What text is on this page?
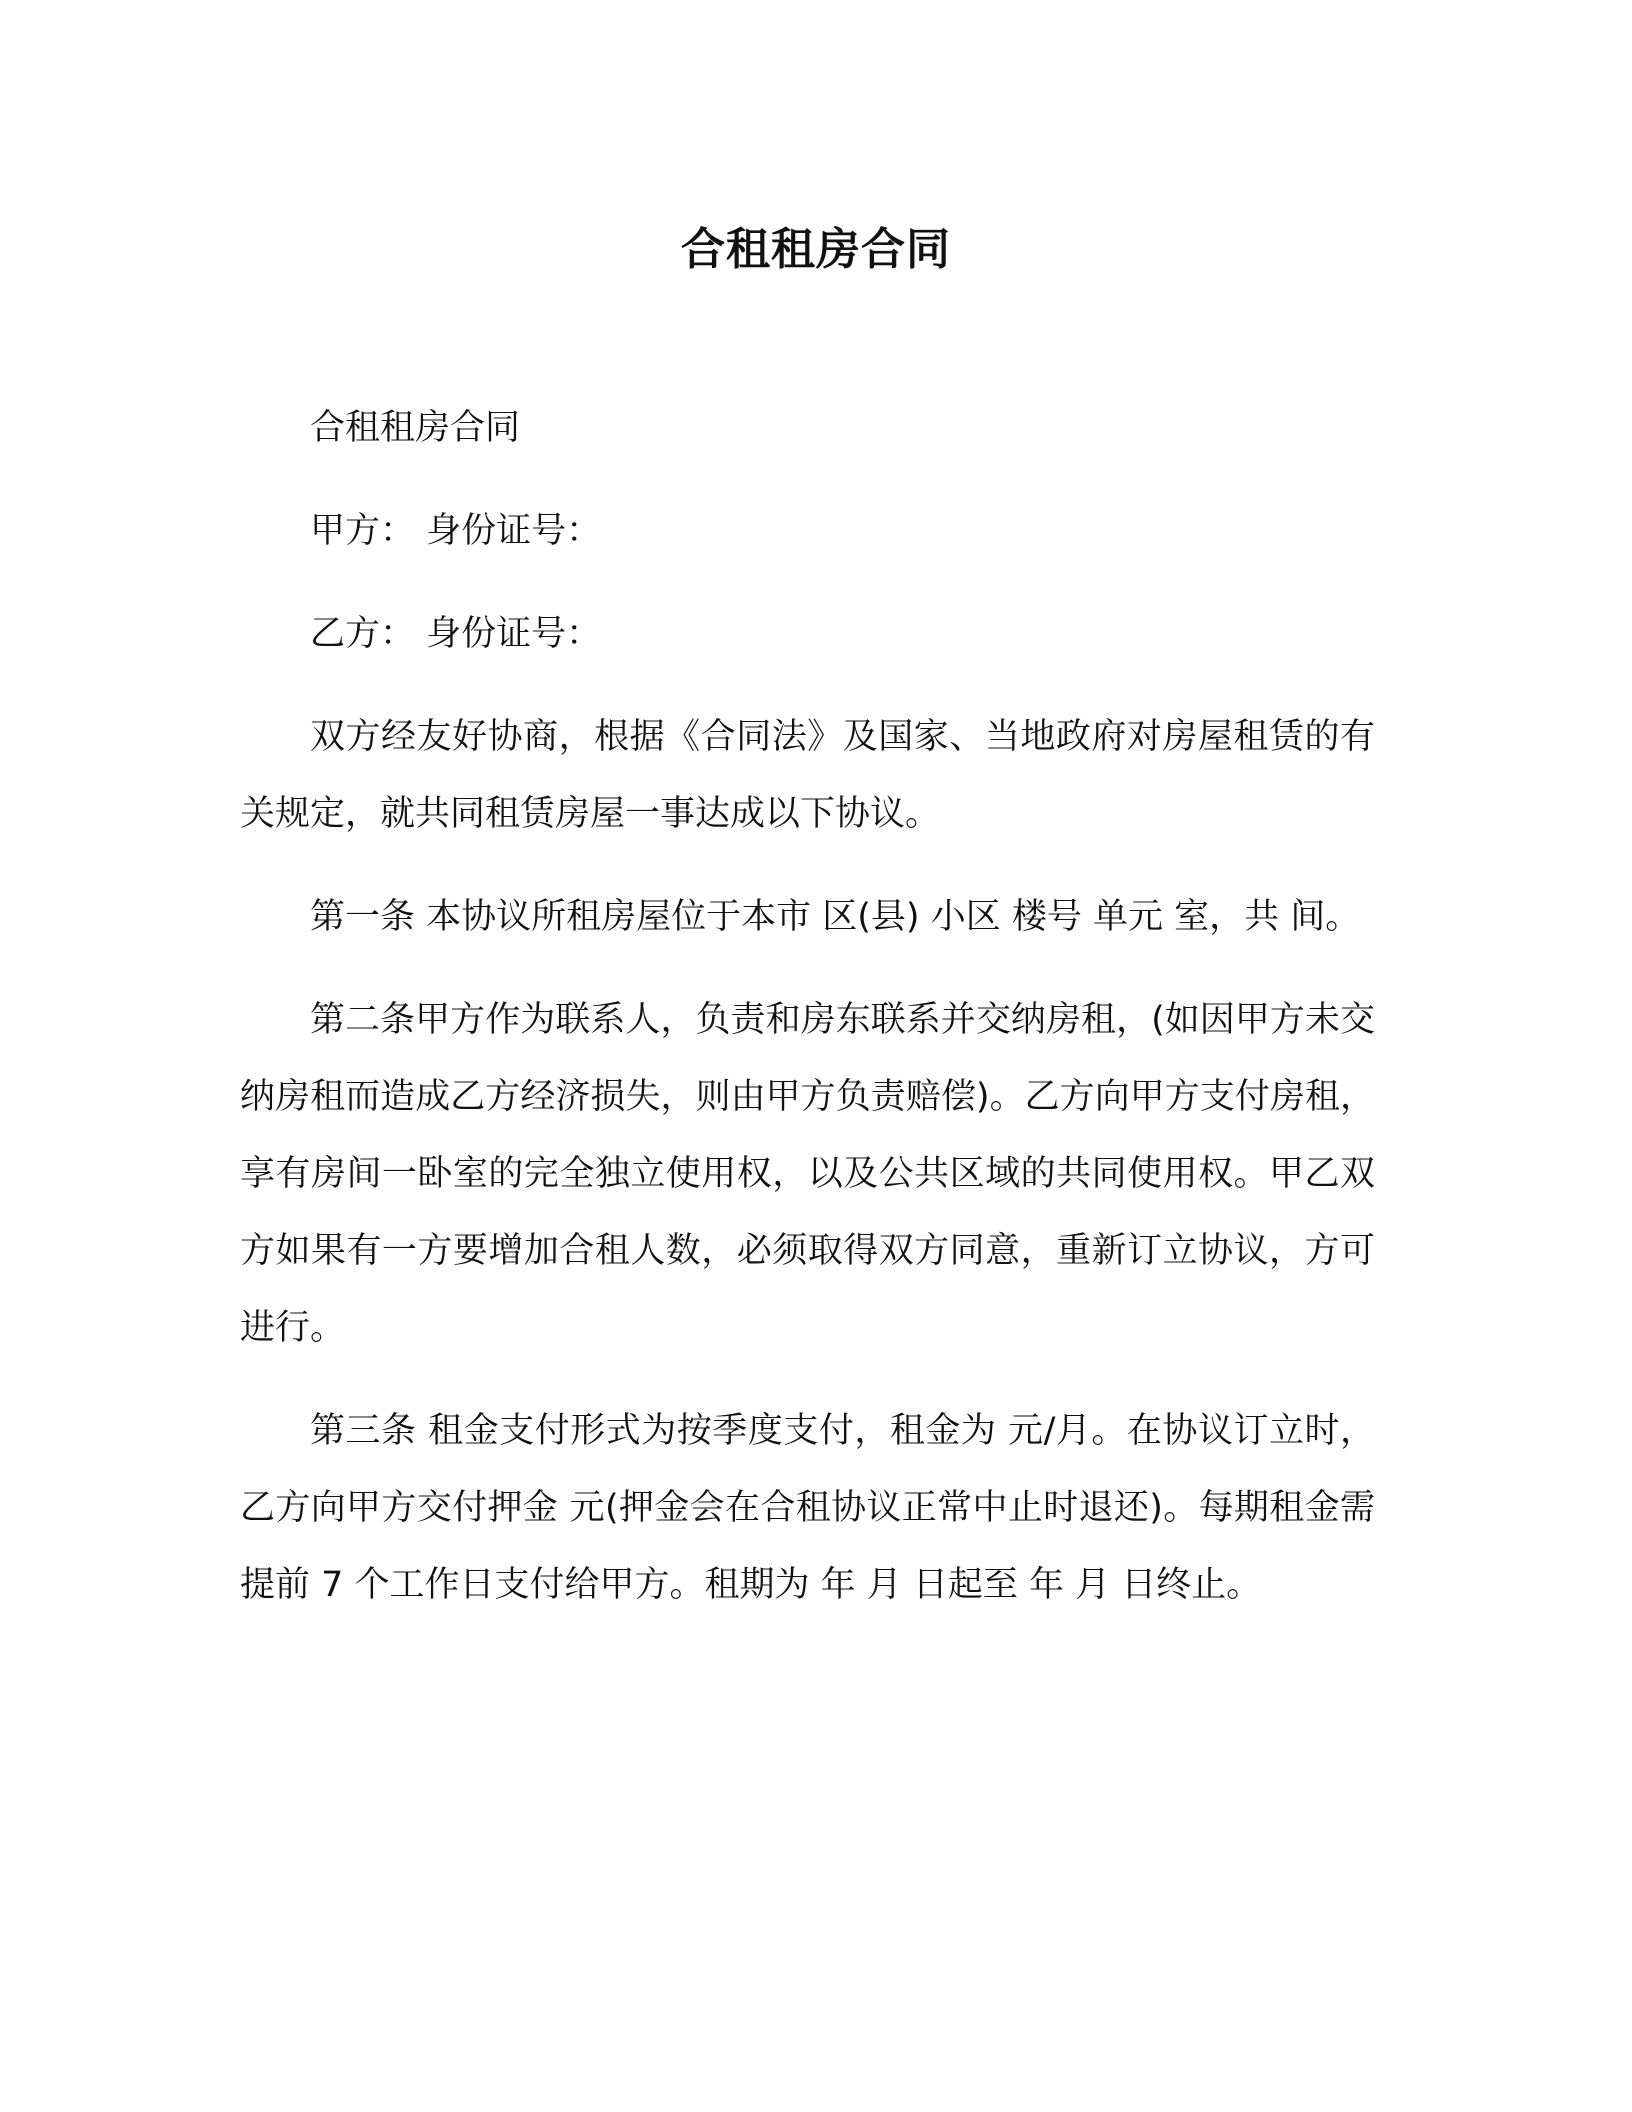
合租租房合同

合租租房合同

甲方： 身份证号：

乙方： 身份证号：

双方经友好协商，根据《合同法》及国家、当地政府对房屋租赁的有关规定，就共同租赁房屋一事达成以下协议。

第一条 本协议所租房屋位于本市 区(县) 小区 楼号 单元 室，共 间。

第二条甲方作为联系人，负责和房东联系并交纳房租，(如因甲方未交纳房租而造成乙方经济损失，则由甲方负责赔偿)。乙方向甲方支付房租，享有房间一卧室的完全独立使用权，以及公共区域的共同使用权。甲乙双方如果有一方要增加合租人数，必须取得双方同意，重新订立协议，方可进行。

第三条 租金支付形式为按季度支付，租金为 元/月。在协议订立时，乙方向甲方交付押金 元(押金会在合租协议正常中止时退还)。每期租金需提前 7 个工作日支付给甲方。租期为 年 月 日起至 年 月 日终止。
